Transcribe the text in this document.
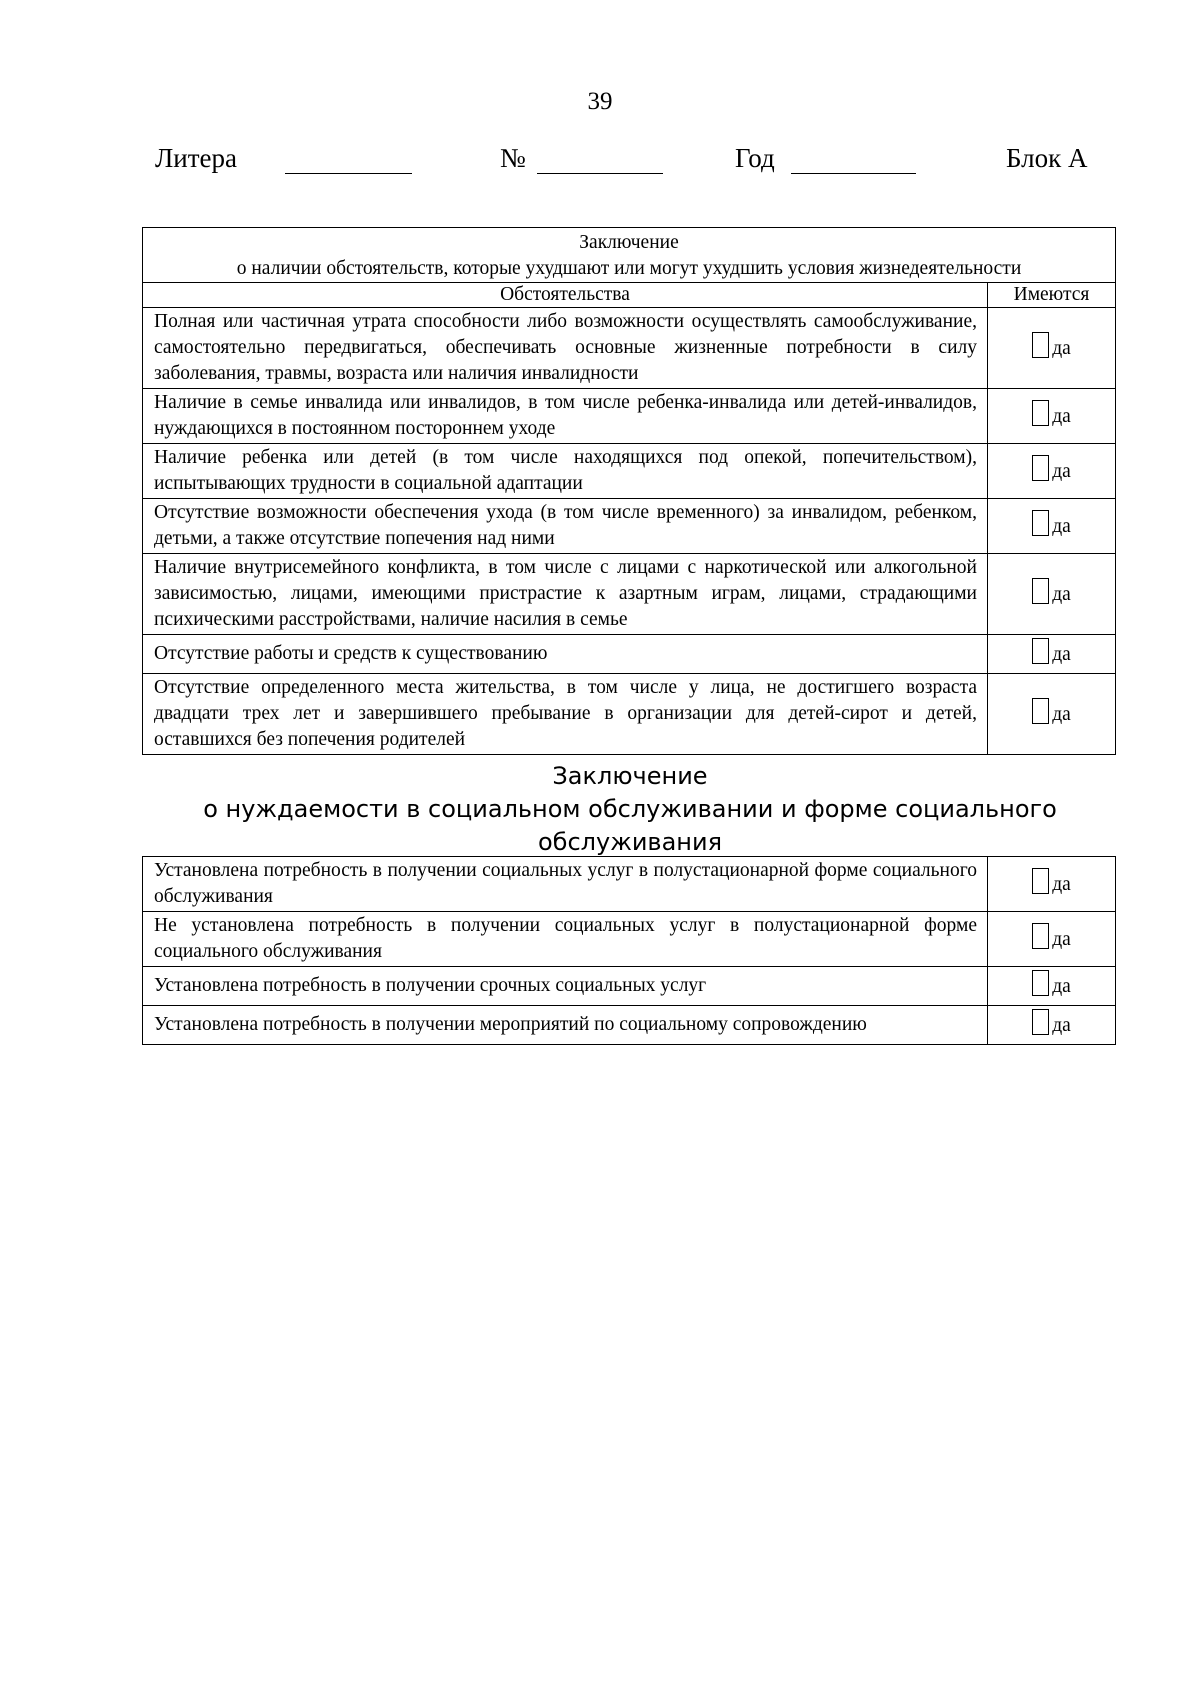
39
Литера	№	Год	Блок А
Заключение
о наличии обстоятельств, которые ухудшают или могут ухудшить условия жизнедеятельности	

Обстоятельства	Имеются
Полная или частичная утрата способности либо возможности осуществлять самообслуживание, самостоятельно передвигаться, обеспечивать основные жизненные потребности в силу заболевания, травмы, возраста или наличия инвалидности	да

Наличие в семье инвалида или инвалидов, в том числе ребенка-инвалида или детей-инвалидов, нуждающихся в постоянном постороннем уходе	да

Наличие ребенка или детей (в том числе находящихся под опекой, попечительством), испытывающих трудности в социальной адаптации	да

Отсутствие возможности обеспечения ухода (в том числе временного) за инвалидом, ребенком, детьми, а также отсутствие попечения над ними	да

Наличие внутрисемейного конфликта, в том числе с лицами с наркотической или алкогольной зависимостью, лицами, имеющими пристрастие к азартным играм, лицами, страдающими психическими расстройствами, наличие насилия в семье	да

Отсутствие работы и средств к существованию	да

Отсутствие определенного места жительства, в том числе у лица, не достигшего возраста двадцати трех лет и завершившего пребывание в организации для детей-сирот и детей, оставшихся без попечения родителей	да
Заключение
о нуждаемости в социальном обслуживании и форме социального
обслуживания
Установлена потребность в получении социальных услуг в полустационарной форме социального обслуживания	да

Не установлена потребность в получении социальных услуг в полустационарной форме социального обслуживания	да

Установлена потребность в получении срочных социальных услуг	да

Установлена потребность в получении мероприятий по социальному сопровождению	да
